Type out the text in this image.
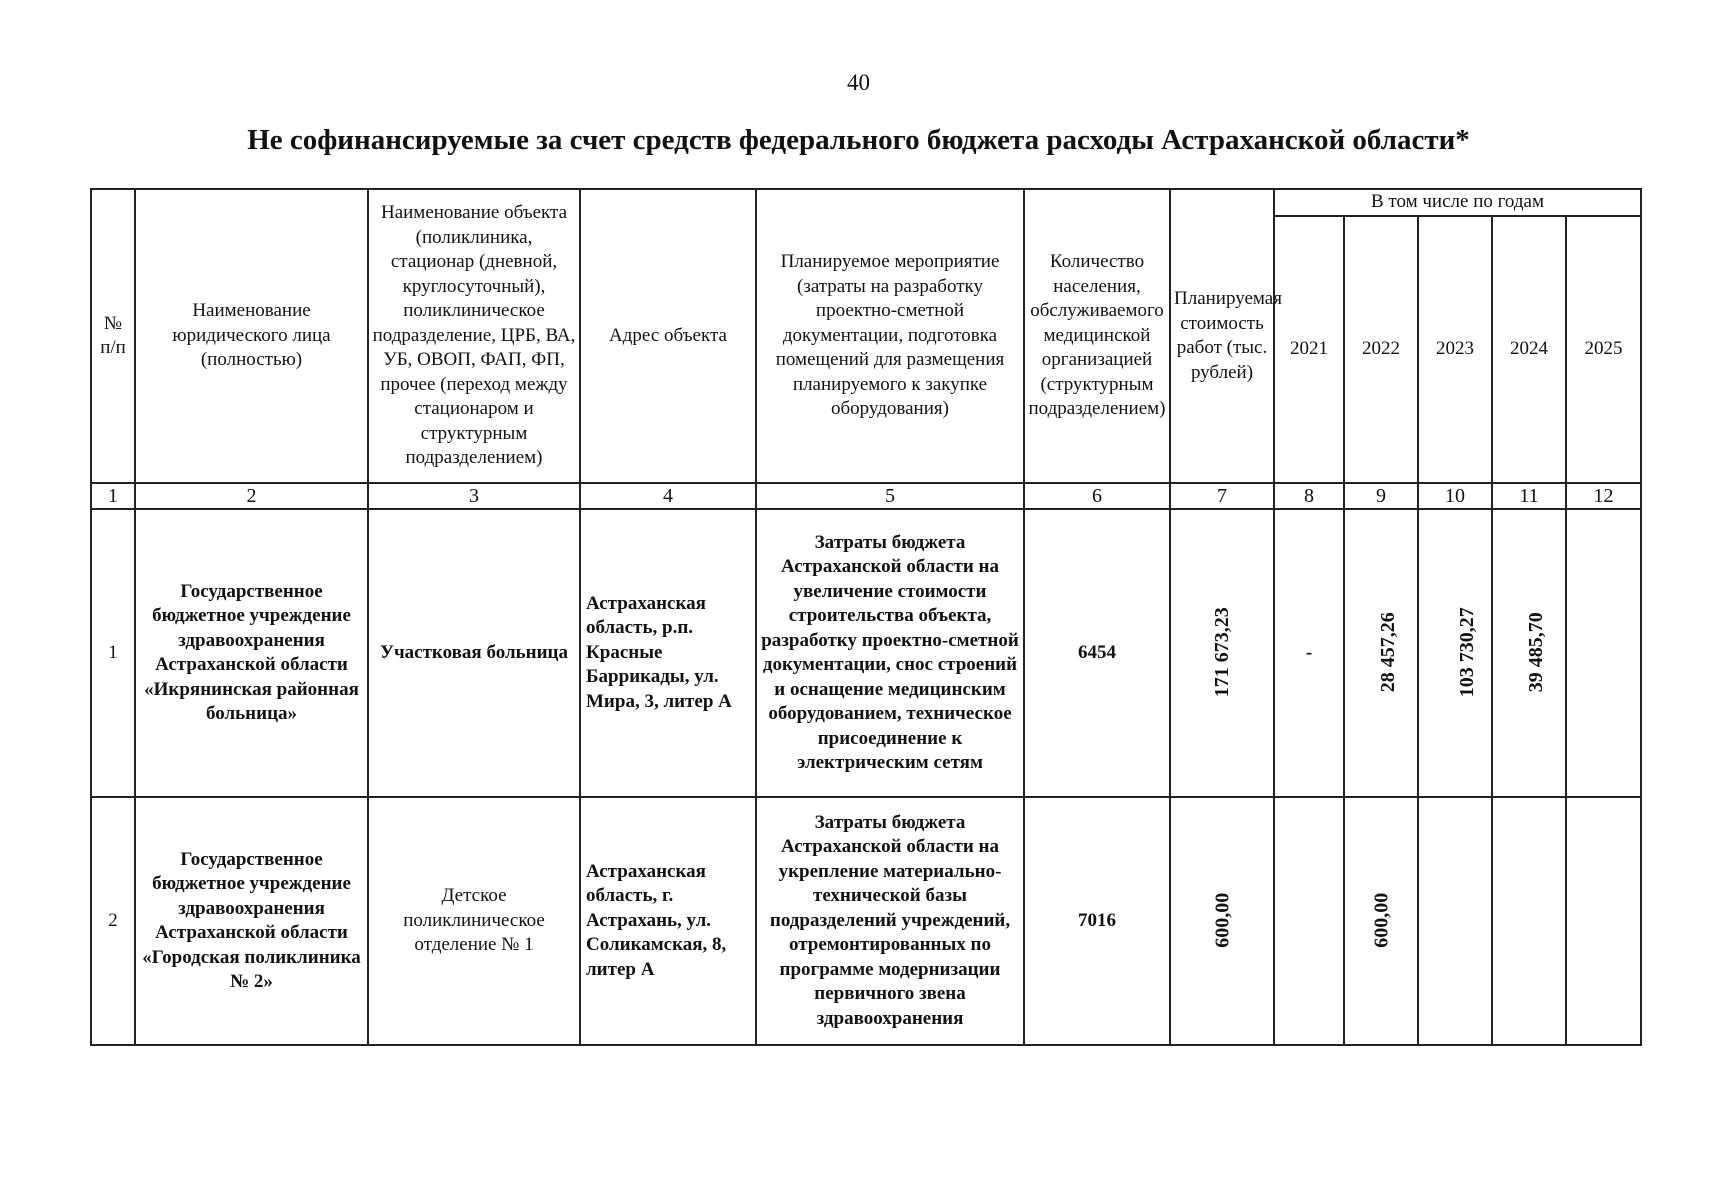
40
Не софинансируемые за счет средств федерального бюджета расходы Астраханской области*
№ п/п	Наименование юридического лица (полностью)	Наименование объекта (поликлиника, стационар (дневной, круглосуточный), поликлиническое подразделение, ЦРБ, ВА, УБ, ОВОП, ФАП, ФП, прочее (переход между стационаром и структурным подразделением)	Адрес объекта	Планируемое мероприятие (затраты на разработку проектно-сметной документации, подготовка помещений для размещения планируемого к закупке оборудования)	Количество населения, обслуживаемого медицинской организацией (структурным подразделением)	Планируемая стоимость работ (тыс. рублей)	В том числе по годам				
							2021	2022	2023	2024	2025
1	2	3	4	5	6	7	8	9	10	11	12
1	Государственное бюджетное учреждение здравоохранения Астраханской области «Икрянинская районная больница»	Участковая больница	Астраханская область, р.п. Красные Баррикады, ул. Мира, 3, литер А	Затраты бюджета Астраханской области на увеличение стоимости строительства объекта, разработку проектно-сметной документации, снос строений и оснащение медицинским оборудованием, техническое присоединение к электрическим сетям	6454	171 673,23	-	28 457,26	103 730,27	39 485,70	
2	Государственное бюджетное учреждение здравоохранения Астраханской области «Городская поликлиника № 2»	Детское поликлиническое отделение № 1	Астраханская область, г. Астрахань, ул. Соликамская, 8, литер А	Затраты бюджета Астраханской области на укрепление материально-технической базы подразделений учреждений, отремонтированных по программе модернизации первичного звена здравоохранения	7016	600,00		600,00			
